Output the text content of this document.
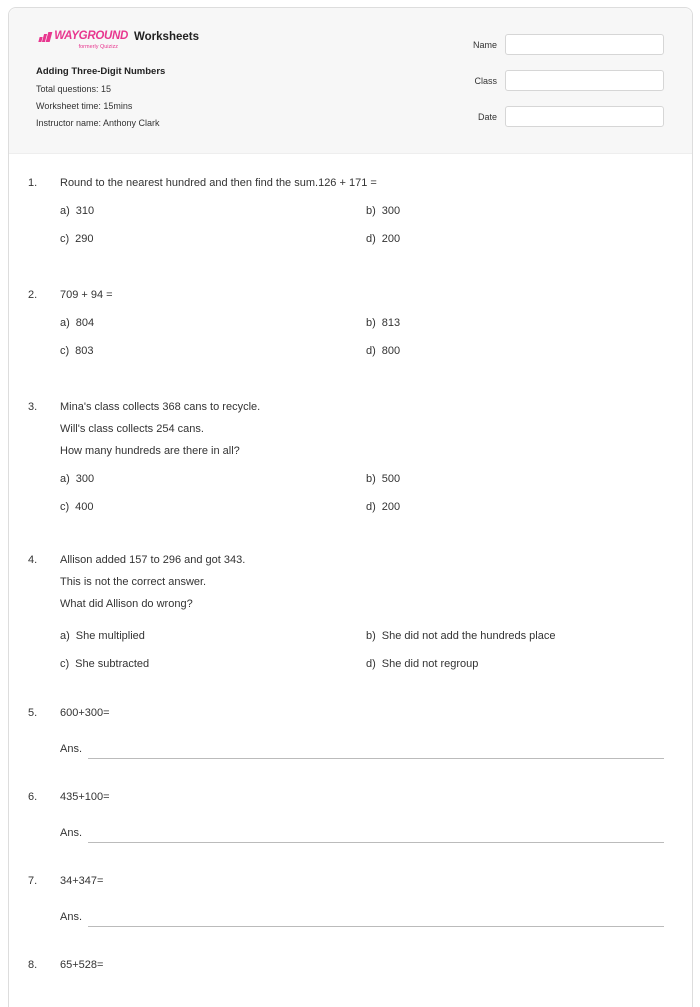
WAYGROUND
formerly Quizizz
Worksheets
Adding Three-Digit Numbers
Total questions: 15
Worksheet time: 15mins
Instructor name: Anthony Clark
Name
Class
Date
1. Round to the nearest hundred and then find the sum.126 + 171 =
a) 310	b) 300
c) 290	d) 200
2. 709 + 94 =
a) 804	b) 813
c) 803	d) 800
3. Mina's class collects 368 cans to recycle.
Will's class collects 254 cans.
How many hundreds are there in all?
a) 300	b) 500
c) 400	d) 200
4. Allison added 157 to 296 and got 343.
This is not the correct answer.
What did Allison do wrong?
a) She multiplied	b) She did not add the hundreds place
c) She subtracted	d) She did not regroup
5. 600+300=
Ans.
6. 435+100=
Ans.
7. 34+347=
Ans.
8. 65+528=
